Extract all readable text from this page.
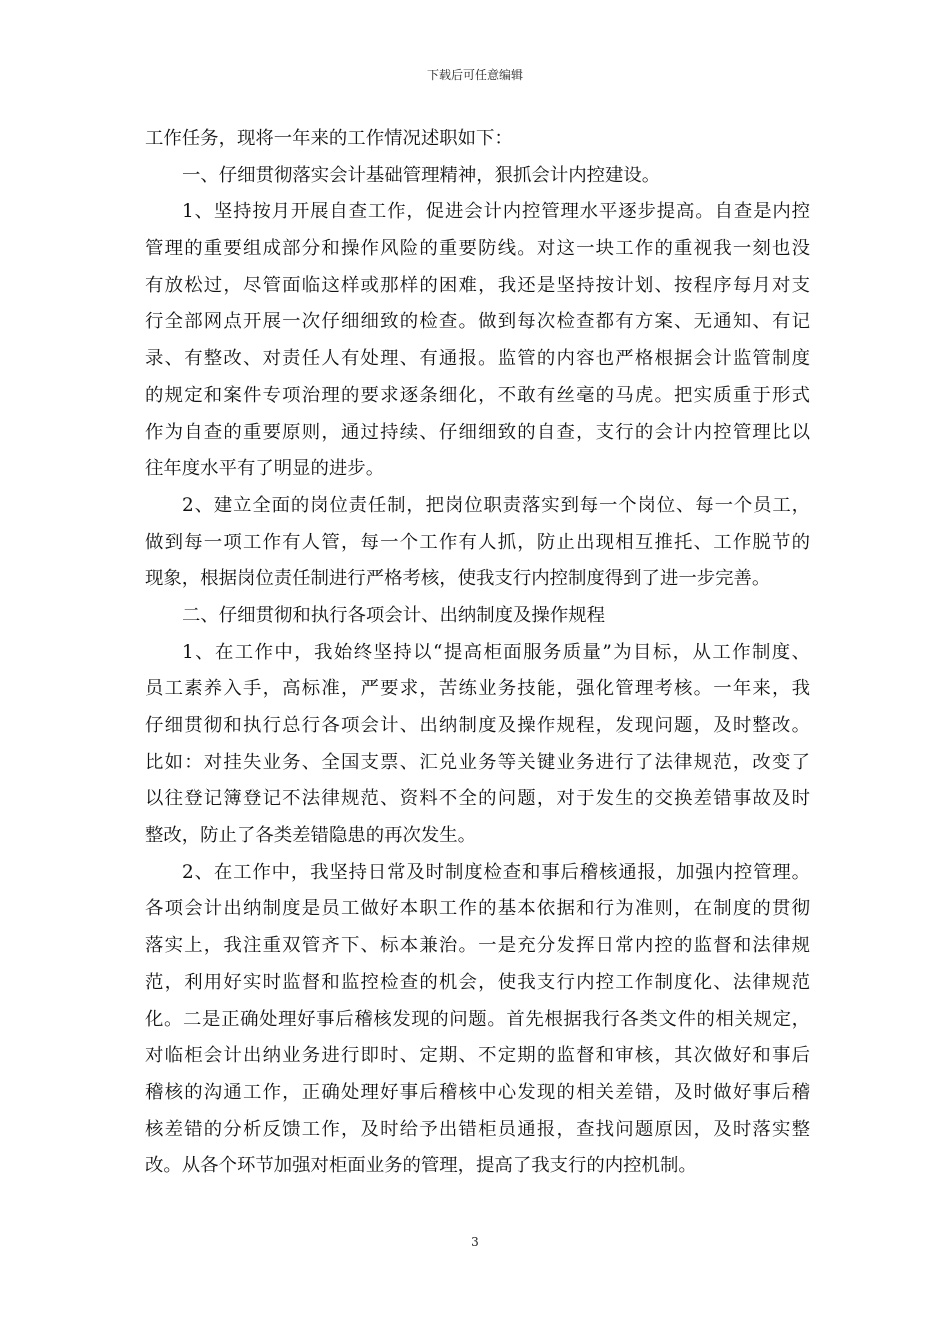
下载后可任意编辑
工作任务，现将一年来的工作情况述职如下：
一、仔细贯彻落实会计基础管理精神，狠抓会计内控建设。
1、坚持按月开展自查工作，促进会计内控管理水平逐步提高。自查是内控
管理的重要组成部分和操作风险的重要防线。对这一块工作的重视我一刻也没
有放松过，尽管面临这样或那样的困难，我还是坚持按计划、按程序每月对支
行全部网点开展一次仔细细致的检查。做到每次检查都有方案、无通知、有记
录、有整改、对责任人有处理、有通报。监管的内容也严格根据会计监管制度
的规定和案件专项治理的要求逐条细化，不敢有丝毫的马虎。把实质重于形式
作为自查的重要原则，通过持续、仔细细致的自查，支行的会计内控管理比以
往年度水平有了明显的进步。
2、建立全面的岗位责任制，把岗位职责落实到每一个岗位、每一个员工，
做到每一项工作有人管，每一个工作有人抓，防止出现相互推托、工作脱节的
现象，根据岗位责任制进行严格考核，使我支行内控制度得到了进一步完善。
二、仔细贯彻和执行各项会计、出纳制度及操作规程
1、在工作中，我始终坚持以“提高柜面服务质量”为目标，从工作制度、
员工素养入手，高标准，严要求，苦练业务技能，强化管理考核。一年来，我
仔细贯彻和执行总行各项会计、出纳制度及操作规程，发现问题，及时整改。
比如：对挂失业务、全国支票、汇兑业务等关键业务进行了法律规范，改变了
以往登记簿登记不法律规范、资料不全的问题，对于发生的交换差错事故及时
整改，防止了各类差错隐患的再次发生。
2、在工作中，我坚持日常及时制度检查和事后稽核通报，加强内控管理。
各项会计出纳制度是员工做好本职工作的基本依据和行为准则，在制度的贯彻
落实上，我注重双管齐下、标本兼治。一是充分发挥日常内控的监督和法律规
范，利用好实时监督和监控检查的机会，使我支行内控工作制度化、法律规范
化。二是正确处理好事后稽核发现的问题。首先根据我行各类文件的相关规定，
对临柜会计出纳业务进行即时、定期、不定期的监督和审核，其次做好和事后
稽核的沟通工作，正确处理好事后稽核中心发现的相关差错，及时做好事后稽
核差错的分析反馈工作，及时给予出错柜员通报，查找问题原因，及时落实整
改。从各个环节加强对柜面业务的管理，提高了我支行的内控机制。
3
